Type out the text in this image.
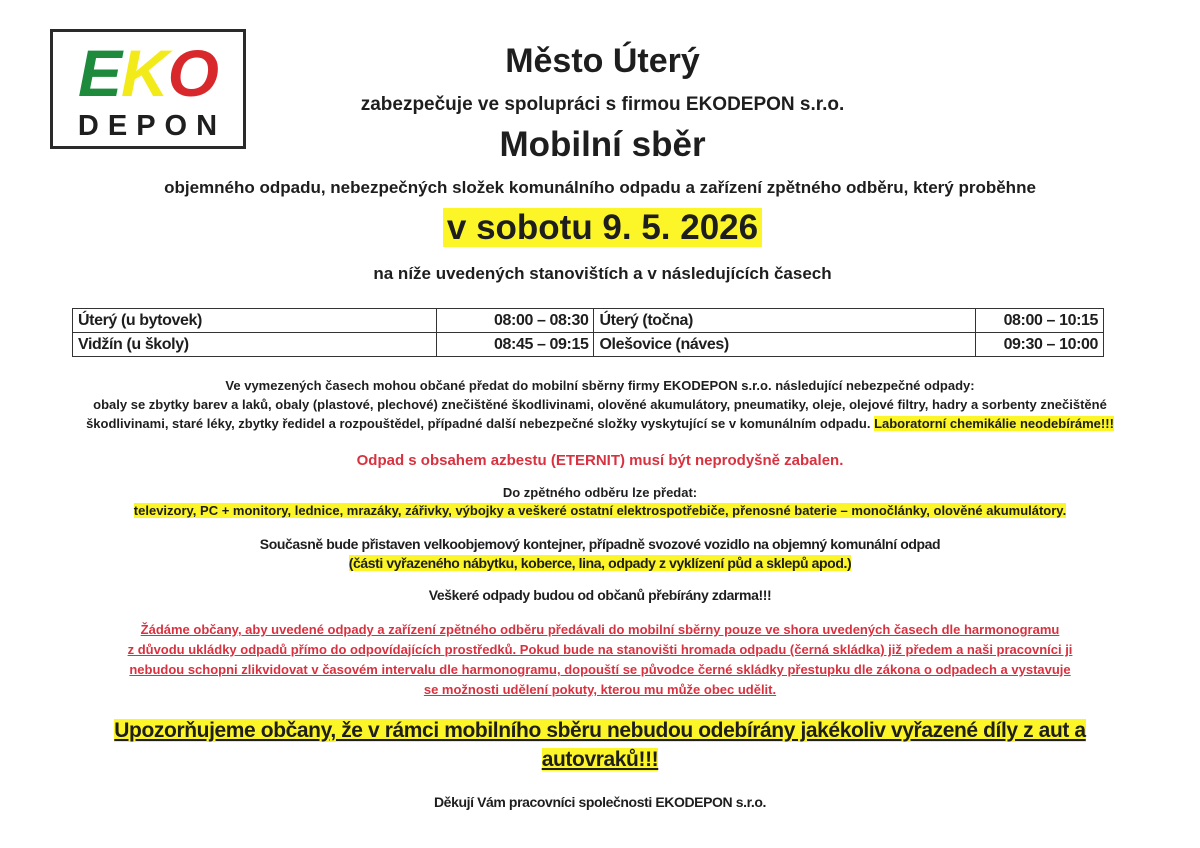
EKO
DEPON
Město Úterý
zabezpečuje ve spolupráci s firmou EKODEPON s.r.o.
Mobilní sběr
objemného odpadu, nebezpečných složek komunálního odpadu a zařízení zpětného odběru, který proběhne
v sobotu 9. 5. 2026
na níže uvedených stanovištích a v následujících časech
Úterý (u bytovek)	08:00 – 08:30	Úterý (točna)	08:00 – 10:15
Vidžín (u školy)	08:45 – 09:15	Olešovice (náves)	09:30 – 10:00
Ve vymezených časech mohou občané předat do mobilní sběrny firmy EKODEPON s.r.o. následující nebezpečné odpady:
obaly se zbytky barev a laků, obaly (plastové, plechové) znečištěné škodlivinami, olověné akumulátory, pneumatiky, oleje, olejové filtry, hadry a sorbenty znečištěné
škodlivinami, staré léky, zbytky ředidel a rozpouštědel, případné další nebezpečné složky vyskytující se v komunálním odpadu. Laboratorní chemikálie neodebíráme!!!
Odpad s obsahem azbestu (ETERNIT) musí být neprodyšně zabalen.
Do zpětného odběru lze předat:
televizory, PC + monitory, lednice, mrazáky, zářivky, výbojky a veškeré ostatní elektrospotřebiče, přenosné baterie – monočlánky, olověné akumulátory.
Současně bude přistaven velkoobjemový kontejner, případně svozové vozidlo na objemný komunální odpad
(části vyřazeného nábytku, koberce, lina, odpady z vyklízení půd a sklepů apod.)
Veškeré odpady budou od občanů přebírány zdarma!!!
Žádáme občany, aby uvedené odpady a zařízení zpětného odběru předávali do mobilní sběrny pouze ve shora uvedených časech dle harmonogramu
z důvodu ukládky odpadů přímo do odpovídajících prostředků. Pokud bude na stanovišti hromada odpadu (černá skládka) již předem a naši pracovníci ji
nebudou schopni zlikvidovat v časovém intervalu dle harmonogramu, dopouští se původce černé skládky přestupku dle zákona o odpadech a vystavuje
se možnosti udělení pokuty, kterou mu může obec udělit.
Upozorňujeme občany, že v rámci mobilního sběru nebudou odebírány jakékoliv vyřazené díly z aut a
autovraků!!!
Děkují Vám pracovníci společnosti EKODEPON s.r.o.
